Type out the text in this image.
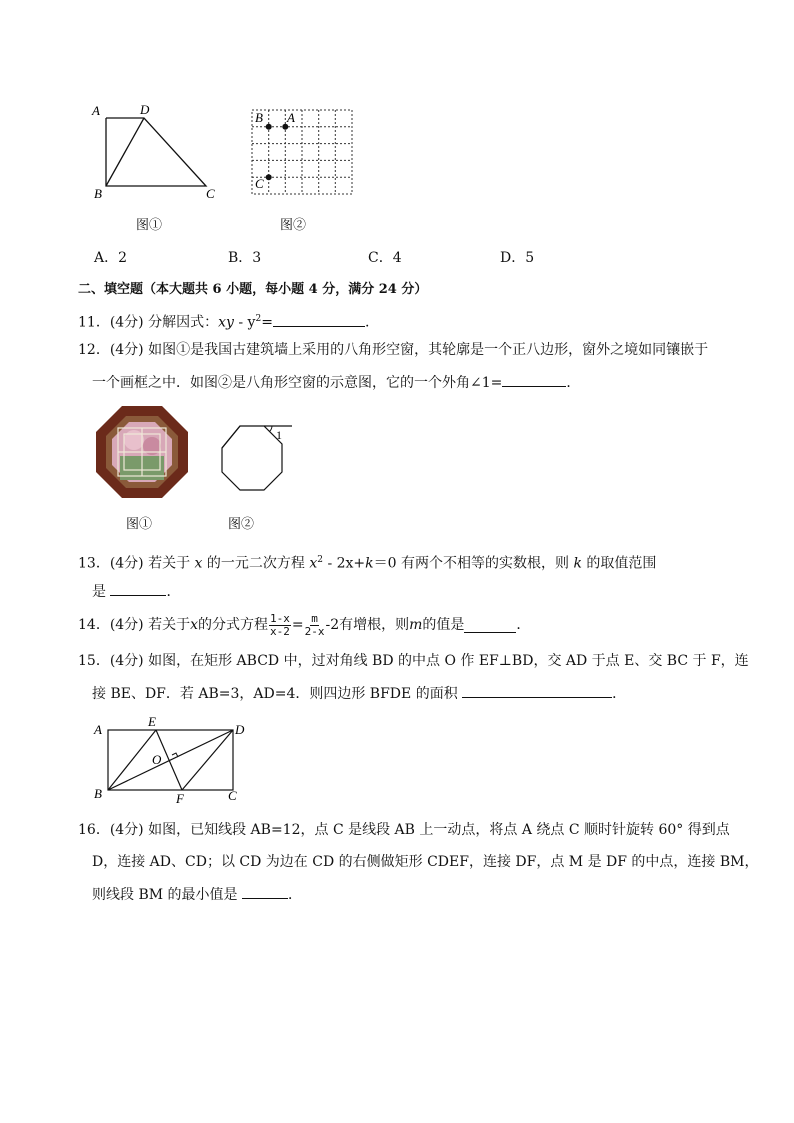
A	D
B	C
图①
B A
C
图②
A．2	B．3	C．4	D．5
二、填空题（本大题共 6 小题，每小题 4 分，满分 24 分）
11．(4分) 分解因式：xy - $y^2=$	.
12．(4分) 如图①是我国古建筑墙上采用的八角形空窗，其轮廓是一个正八边形，窗外之境如同镶嵌于
一个画框之中．如图②是八角形空窗的示意图，它的一个外角∠1=	．
图①
1
图②
13．(4分) 若关于 x 的一元二次方程 $x^2 - 2x+k=0$ 有两个不相等的实数根，则 k 的取值范围
是	．
14．(4分) 若关于 x 的分式方程 $\frac{1-x}{x-2} = \frac{m}{2-x} -2$有增根，则 m 的值是	．
15．(4分) 如图，在矩形 ABCD 中，过对角线 BD 的中点 O 作 EF⊥BD，交 AD 于点 E、交 BC 于 F，连
接 BE、DF．若 AB=3，AD=4．则四边形 BFDE 的面积	．
A
E
D
O
B	F	C
16．(4分) 如图，已知线段 AB=12，点 C 是线段 AB 上一动点，将点 A 绕点 C 顺时针旋转 60° 得到点
D，连接 AD、CD；以 CD 为边在 CD 的右侧做矩形 CDEF，连接 DF，点 M 是 DF 的中点，连接 BM，
则线段 BM 的最小值是	．
